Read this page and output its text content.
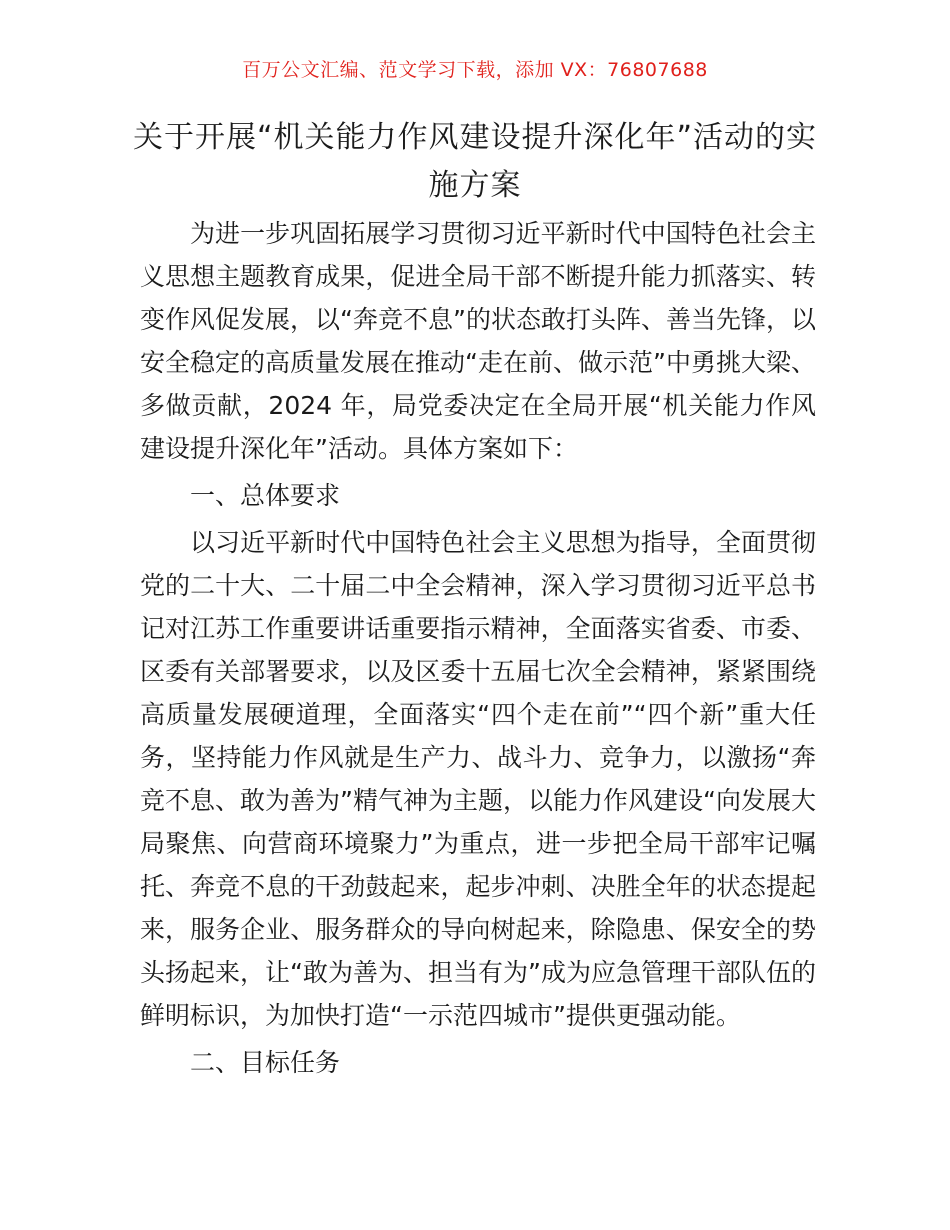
百万公文汇编、范文学习下载，添加 VX：76807688
关于开展“机关能力作风建设提升深化年”活动的实施方案

为进一步巩固拓展学习贯彻习近平新时代中国特色社会主义思想主题教育成果，促进全局干部不断提升能力抓落实、转变作风促发展，以“奔竞不息”的状态敢打头阵、善当先锋，以安全稳定的高质量发展在推动“走在前、做示范”中勇挑大梁、多做贡献，2024 年，局党委决定在全局开展“机关能力作风建设提升深化年”活动。具体方案如下：

一、总体要求

以习近平新时代中国特色社会主义思想为指导，全面贯彻党的二十大、二十届二中全会精神，深入学习贯彻习近平总书记对江苏工作重要讲话重要指示精神，全面落实省委、市委、区委有关部署要求，以及区委十五届七次全会精神，紧紧围绕高质量发展硬道理，全面落实“四个走在前”“四个新”重大任务，坚持能力作风就是生产力、战斗力、竞争力，以激扬“奔竞不息、敢为善为”精气神为主题，以能力作风建设“向发展大局聚焦、向营商环境聚力”为重点，进一步把全局干部牢记嘱托、奔竞不息的干劲鼓起来，起步冲刺、决胜全年的状态提起来，服务企业、服务群众的导向树起来，除隐患、保安全的势头扬起来，让“敢为善为、担当有为”成为应急管理干部队伍的鲜明标识，为加快打造“一示范四城市”提供更强动能。

二、目标任务
